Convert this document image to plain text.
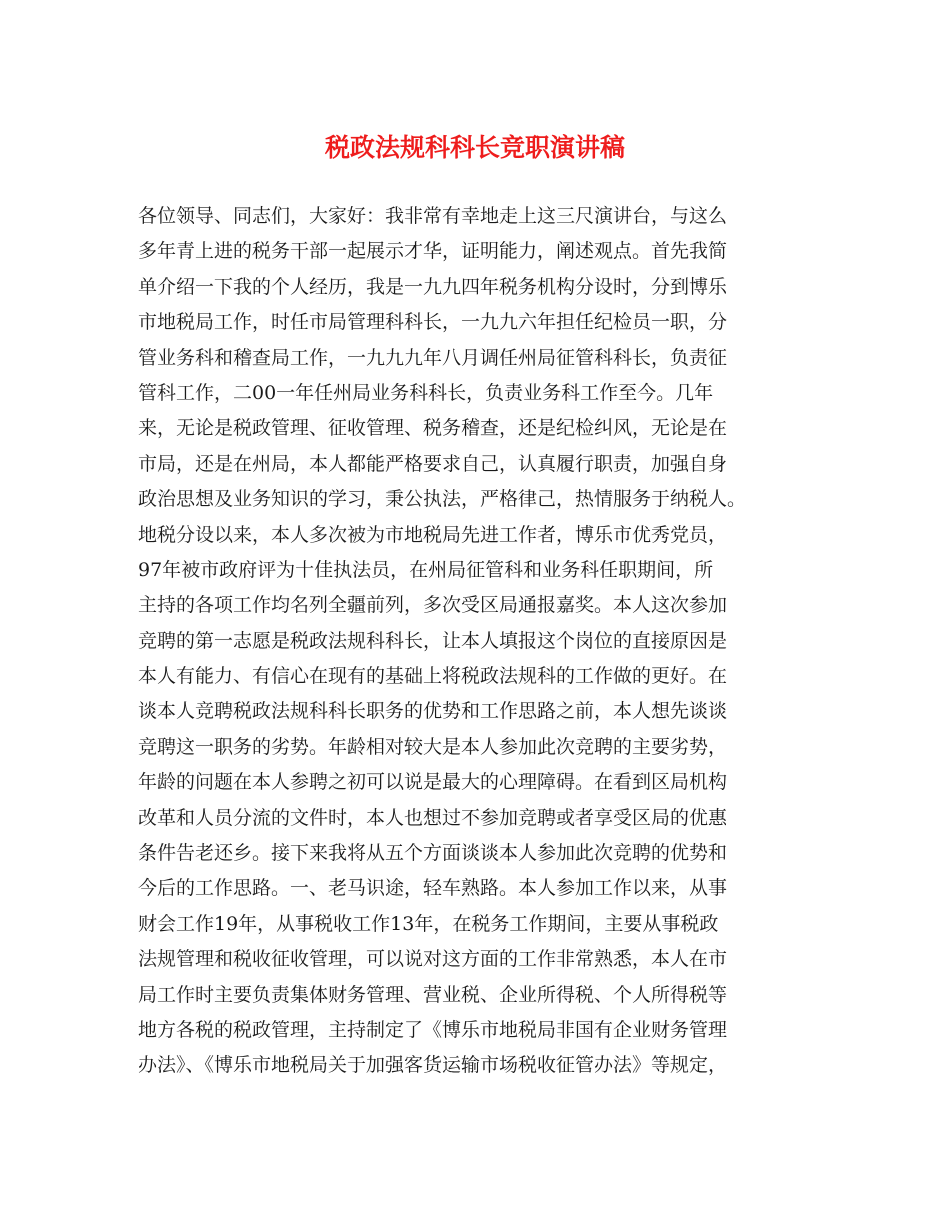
税政法规科科长竞职演讲稿
各位领导、同志们，大家好：我非常有幸地走上这三尺演讲台，与这么
多年青上进的税务干部一起展示才华，证明能力，阐述观点。首先我简
单介绍一下我的个人经历，我是一九九四年税务机构分设时，分到博乐
市地税局工作，时任市局管理科科长，一九九六年担任纪检员一职，分
管业务科和稽查局工作，一九九九年八月调任州局征管科科长，负责征
管科工作，二00一年任州局业务科科长，负责业务科工作至今。几年
来，无论是税政管理、征收管理、税务稽查，还是纪检纠风，无论是在
市局，还是在州局，本人都能严格要求自己，认真履行职责，加强自身
政治思想及业务知识的学习，秉公执法，严格律己，热情服务于纳税人。
地税分设以来，本人多次被为市地税局先进工作者，博乐市优秀党员，
97年被市政府评为十佳执法员，在州局征管科和业务科任职期间，所
主持的各项工作均名列全疆前列，多次受区局通报嘉奖。本人这次参加
竞聘的第一志愿是税政法规科科长，让本人填报这个岗位的直接原因是
本人有能力、有信心在现有的基础上将税政法规科的工作做的更好。在
谈本人竞聘税政法规科科长职务的优势和工作思路之前，本人想先谈谈
竞聘这一职务的劣势。年龄相对较大是本人参加此次竞聘的主要劣势，
年龄的问题在本人参聘之初可以说是最大的心理障碍。在看到区局机构
改革和人员分流的文件时，本人也想过不参加竞聘或者享受区局的优惠
条件告老还乡。接下来我将从五个方面谈谈本人参加此次竞聘的优势和
今后的工作思路。一、老马识途，轻车熟路。本人参加工作以来，从事
财会工作19年，从事税收工作13年，在税务工作期间，主要从事税政
法规管理和税收征收管理，可以说对这方面的工作非常熟悉，本人在市
局工作时主要负责集体财务管理、营业税、企业所得税、个人所得税等
地方各税的税政管理，主持制定了《博乐市地税局非国有企业财务管理
办法》、《博乐市地税局关于加强客货运输市场税收征管办法》等规定，
